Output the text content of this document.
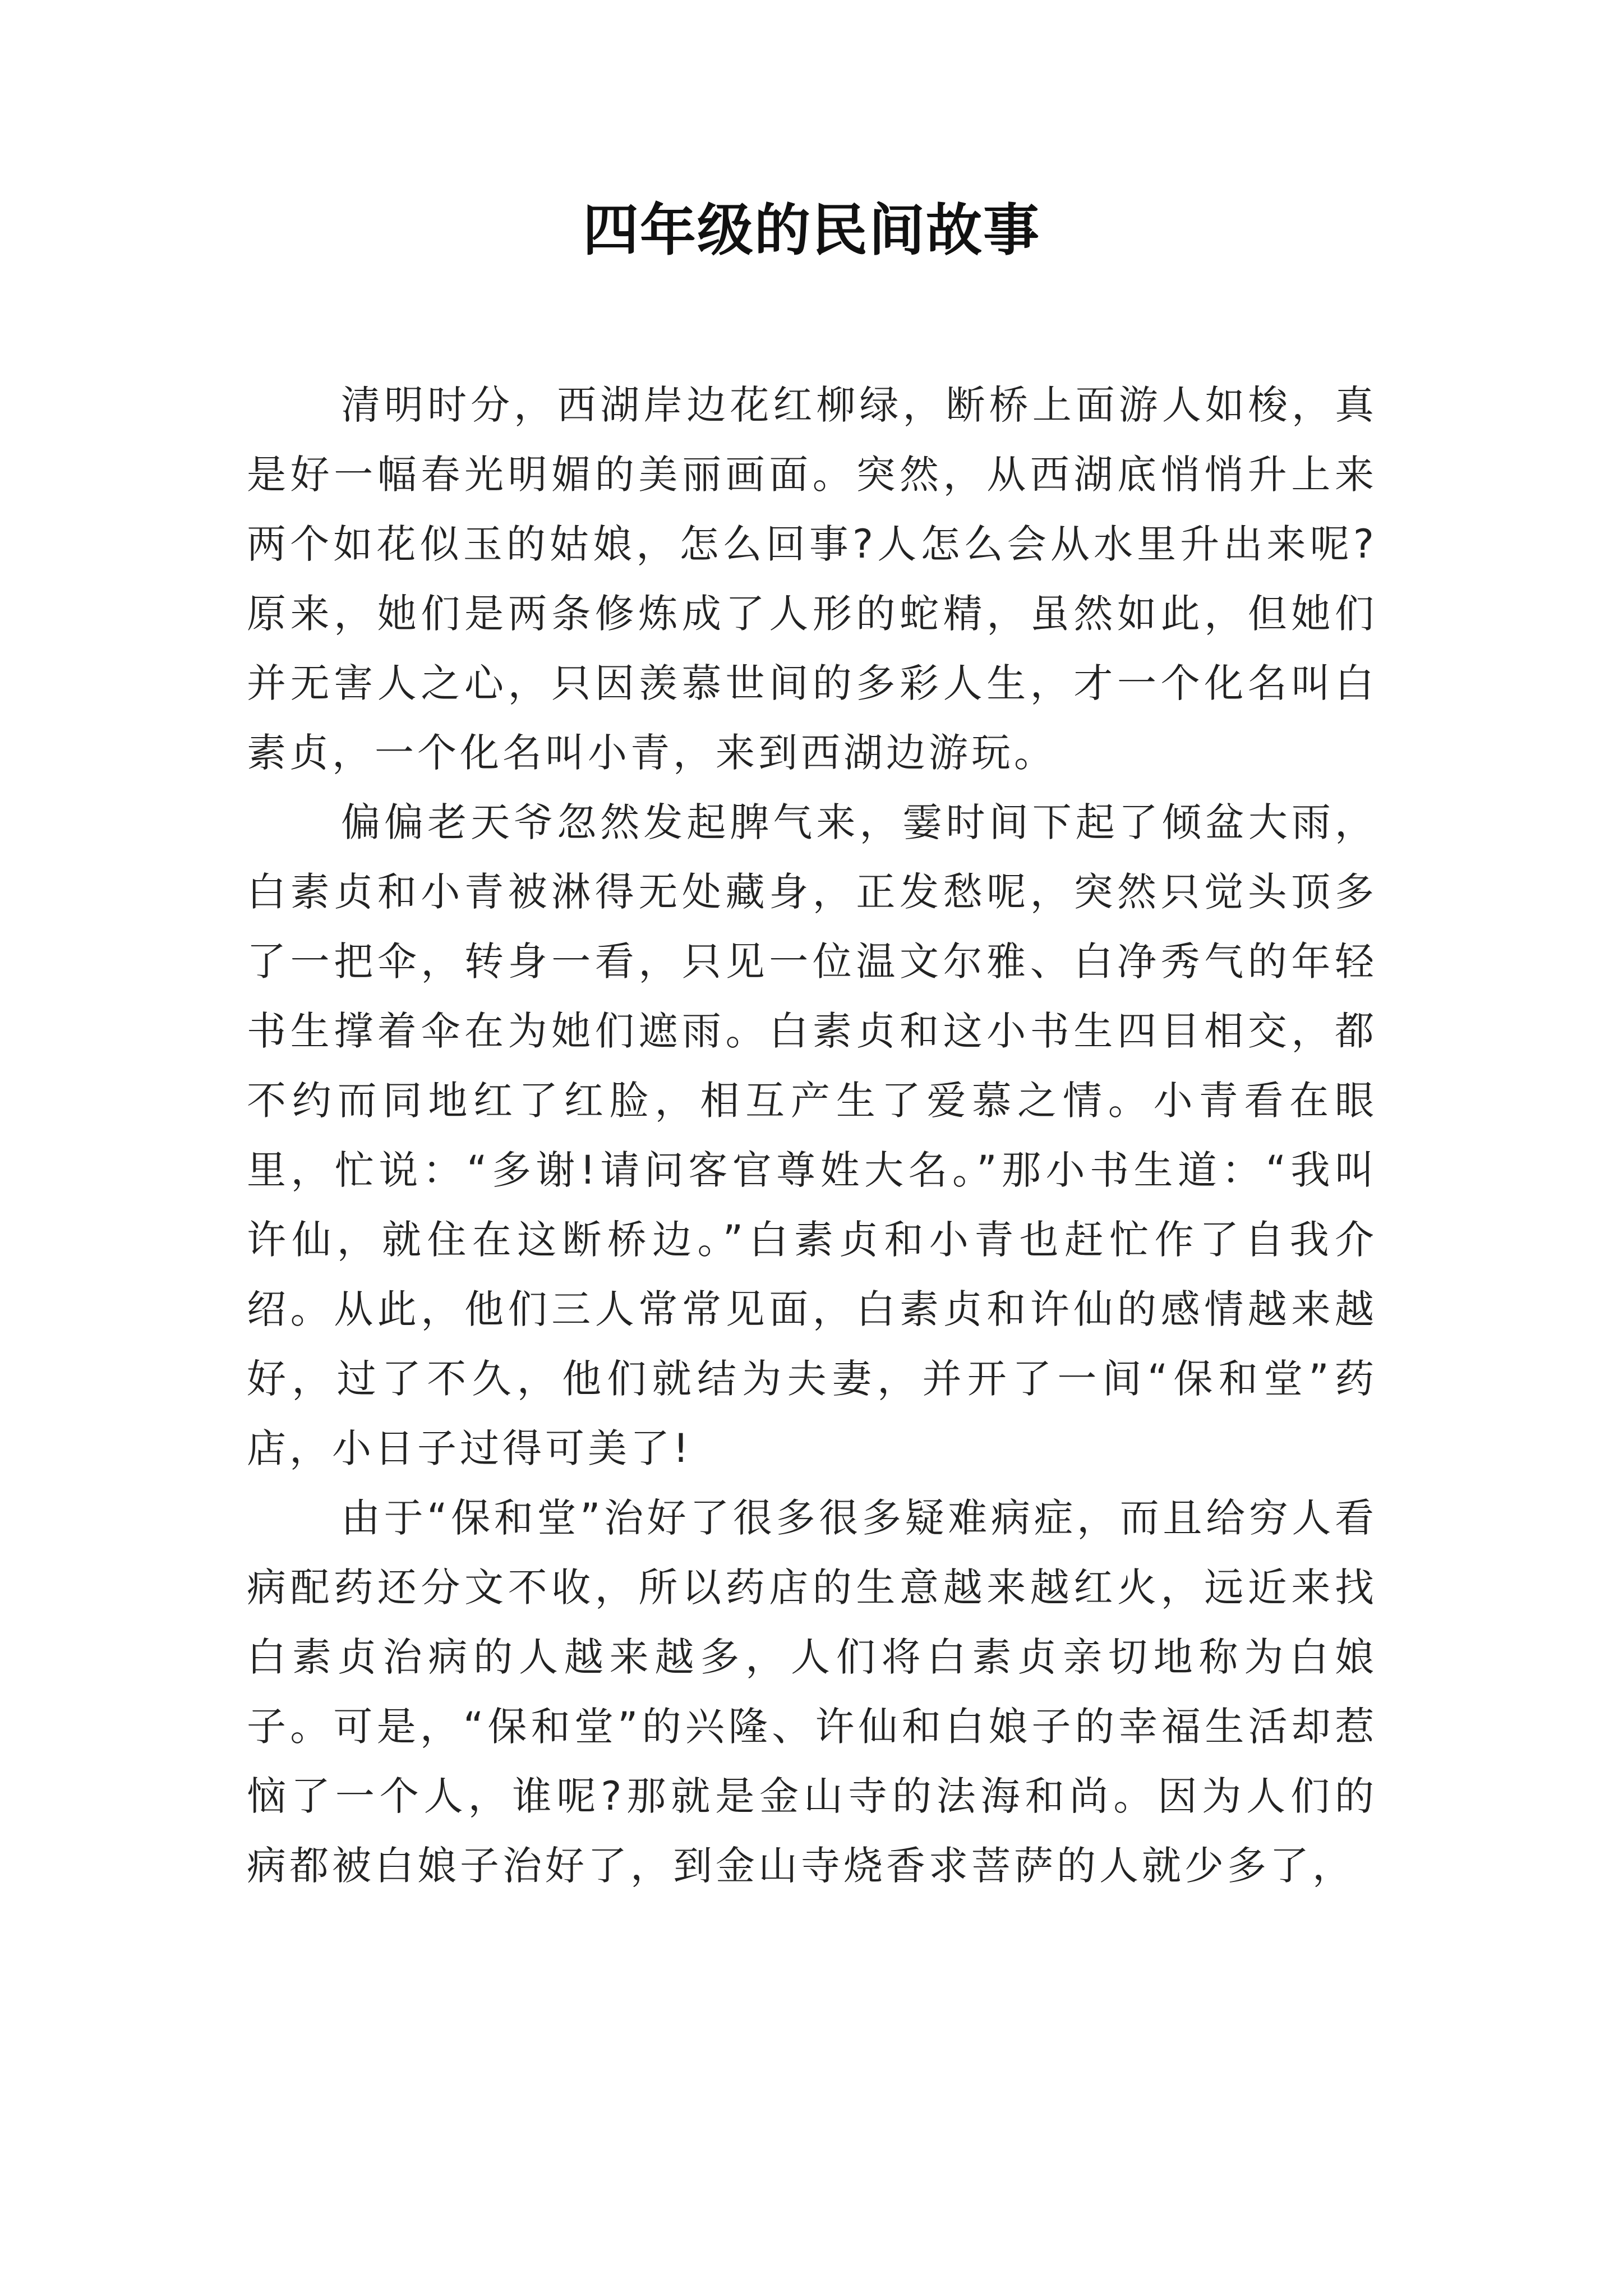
四年级的民间故事

清明时分，西湖岸边花红柳绿，断桥上面游人如梭，真是好一幅春光明媚的美丽画面。突然，从西湖底悄悄升上来两个如花似玉的姑娘，怎么回事?人怎么会从水里升出来呢?原来，她们是两条修炼成了人形的蛇精，虽然如此，但她们并无害人之心，只因羡慕世间的多彩人生，才一个化名叫白素贞，一个化名叫小青，来到西湖边游玩。

偏偏老天爷忽然发起脾气来，霎时间下起了倾盆大雨，白素贞和小青被淋得无处藏身，正发愁呢，突然只觉头顶多了一把伞，转身一看，只见一位温文尔雅、白净秀气的年轻书生撑着伞在为她们遮雨。白素贞和这小书生四目相交，都不约而同地红了红脸，相互产生了爱慕之情。小青看在眼里，忙说：“多谢!请问客官尊姓大名。”那小书生道：“我叫许仙，就住在这断桥边。”白素贞和小青也赶忙作了自我介绍。从此，他们三人常常见面，白素贞和许仙的感情越来越好，过了不久，他们就结为夫妻，并开了一间“保和堂”药店，小日子过得可美了!

由于“保和堂”治好了很多很多疑难病症，而且给穷人看病配药还分文不收，所以药店的生意越来越红火，远近来找白素贞治病的人越来越多，人们将白素贞亲切地称为白娘子。可是，“保和堂”的兴隆、许仙和白娘子的幸福生活却惹恼了一个人，谁呢?那就是金山寺的法海和尚。因为人们的病都被白娘子治好了，到金山寺烧香求菩萨的人就少多了，
